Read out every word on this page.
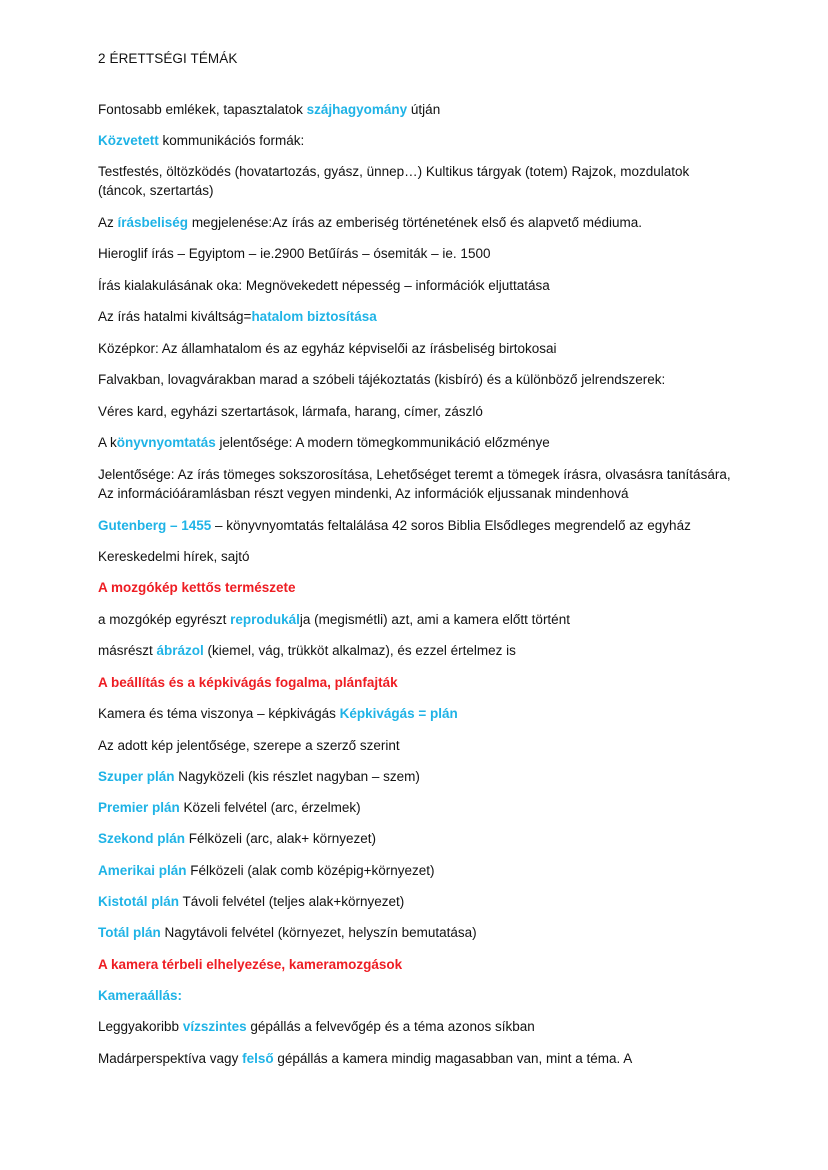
2 ÉRETTSÉGI TÉMÁK
Fontosabb emlékek, tapasztalatok szájhagyomány útján
Közvetett kommunikációs formák:
Testfestés, öltözködés (hovatartozás, gyász, ünnep…) Kultikus tárgyak (totem) Rajzok, mozdulatok (táncok, szertartás)
Az írásbeliség megjelenése:Az írás az emberiség történetének első és alapvető médiuma.
Hieroglif írás – Egyiptom – ie.2900 Betűírás – ósemiták – ie. 1500
Írás kialakulásának oka: Megnövekedett népesség – információk eljuttatása
Az írás hatalmi kiváltság=hatalom biztosítása
Középkor: Az államhatalom és az egyház képviselői az írásbeliség birtokosai
Falvakban, lovagvárakban marad a szóbeli tájékoztatás (kisbíró) és a különböző jelrendszerek:
Véres kard, egyházi szertartások, lármafa, harang, címer, zászló
A könyvnyomtatás jelentősége: A modern tömegkommunikáció előzménye
Jelentősége: Az írás tömeges sokszorosítása, Lehetőséget teremt a tömegek írásra, olvasásra tanítására, Az információáramlásban részt vegyen mindenki, Az információk eljussanak mindenhová
Gutenberg – 1455 – könyvnyomtatás feltalálása 42 soros Biblia Elsődleges megrendelő az egyház
Kereskedelmi hírek, sajtó
A mozgókép kettős természete
a mozgókép egyrészt reprodukálja (megismétli) azt, ami a kamera előtt történt
másrészt ábrázol (kiemel, vág, trükköt alkalmaz), és ezzel értelmez is
A beállítás és a képkivágás fogalma, plánfajták
Kamera és téma viszonya – képkivágás Képkivágás = plán
Az adott kép jelentősége, szerepe a szerző szerint
Szuper plán Nagyközeli (kis részlet nagyban – szem)
Premier plán Közeli felvétel (arc, érzelmek)
Szekond plán Félközeli (arc, alak+ környezet)
Amerikai plán Félközeli (alak comb középig+környezet)
Kistotál plán Távoli felvétel (teljes alak+környezet)
Totál plán Nagytávoli felvétel (környezet, helyszín bemutatása)
A kamera térbeli elhelyezése, kameramozgások
Kameraállás:
Leggyakoribb vízszintes gépállás a felvevőgép és a téma azonos síkban
Madárperspektíva vagy felső gépállás a kamera mindig magasabban van, mint a téma. A
